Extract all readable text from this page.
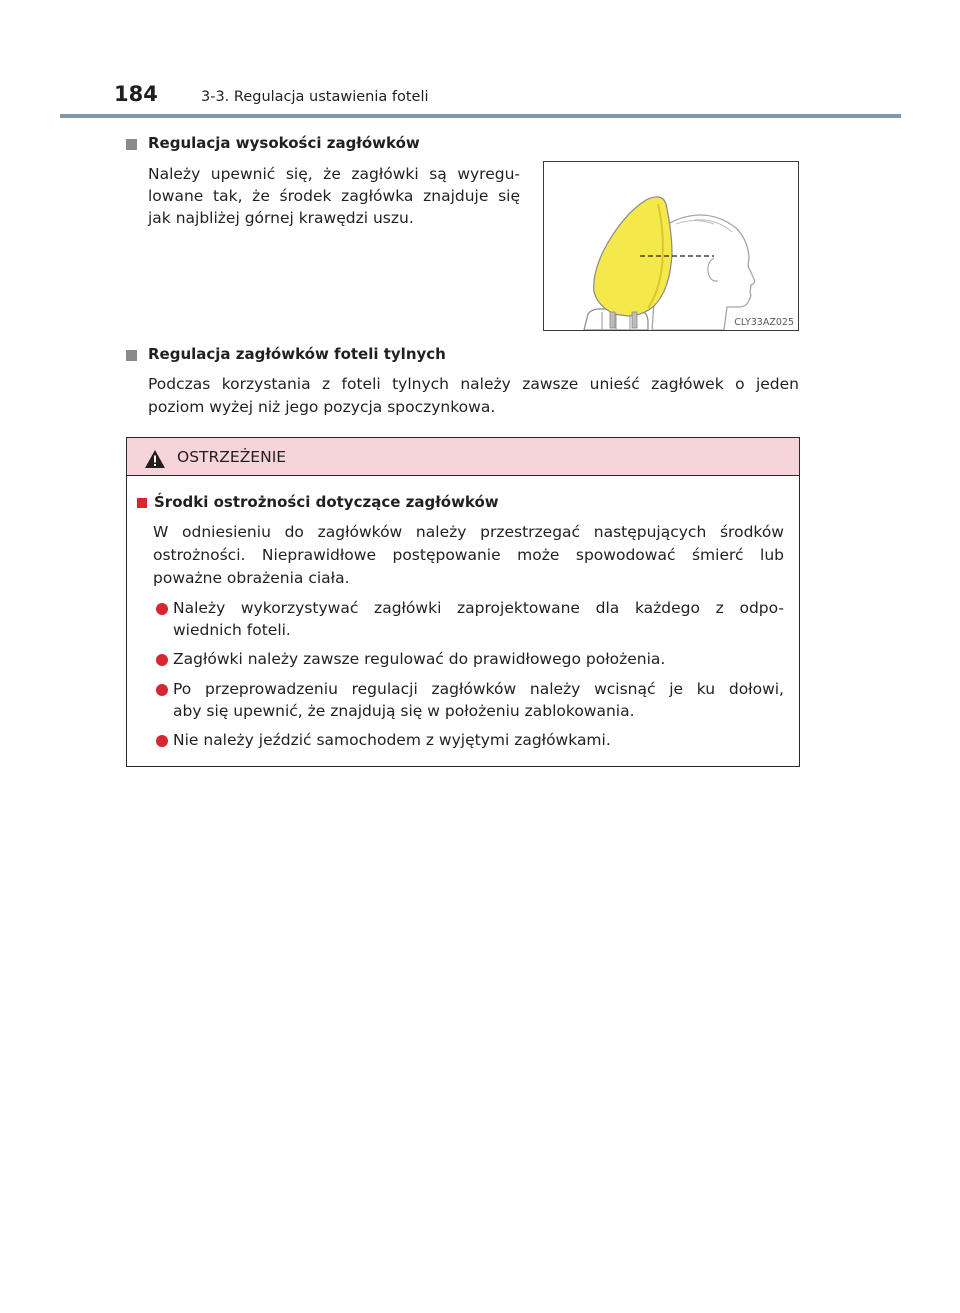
184	3-3. Regulacja ustawienia foteli
Regulacja wysokości zagłówków
Należy upewnić się, że zagłówki są wyregu-
lowane tak, że środek zagłówka znajduje się
jak najbliżej górnej krawędzi uszu.
CLY33AZ025
Regulacja zagłówków foteli tylnych
Podczas korzystania z foteli tylnych należy zawsze unieść zagłówek o jeden
poziom wyżej niż jego pozycja spoczynkowa.
OSTRZEŻENIE
Środki ostrożności dotyczące zagłówków
W odniesieniu do zagłówków należy przestrzegać następujących środków
ostrożności. Nieprawidłowe postępowanie może spowodować śmierć lub
poważne obrażenia ciała.
Należy wykorzystywać zagłówki zaprojektowane dla każdego z odpo-
wiednich foteli.
Zagłówki należy zawsze regulować do prawidłowego położenia.
Po przeprowadzeniu regulacji zagłówków należy wcisnąć je ku dołowi,
aby się upewnić, że znajdują się w położeniu zablokowania.
Nie należy jeździć samochodem z wyjętymi zagłówkami.
